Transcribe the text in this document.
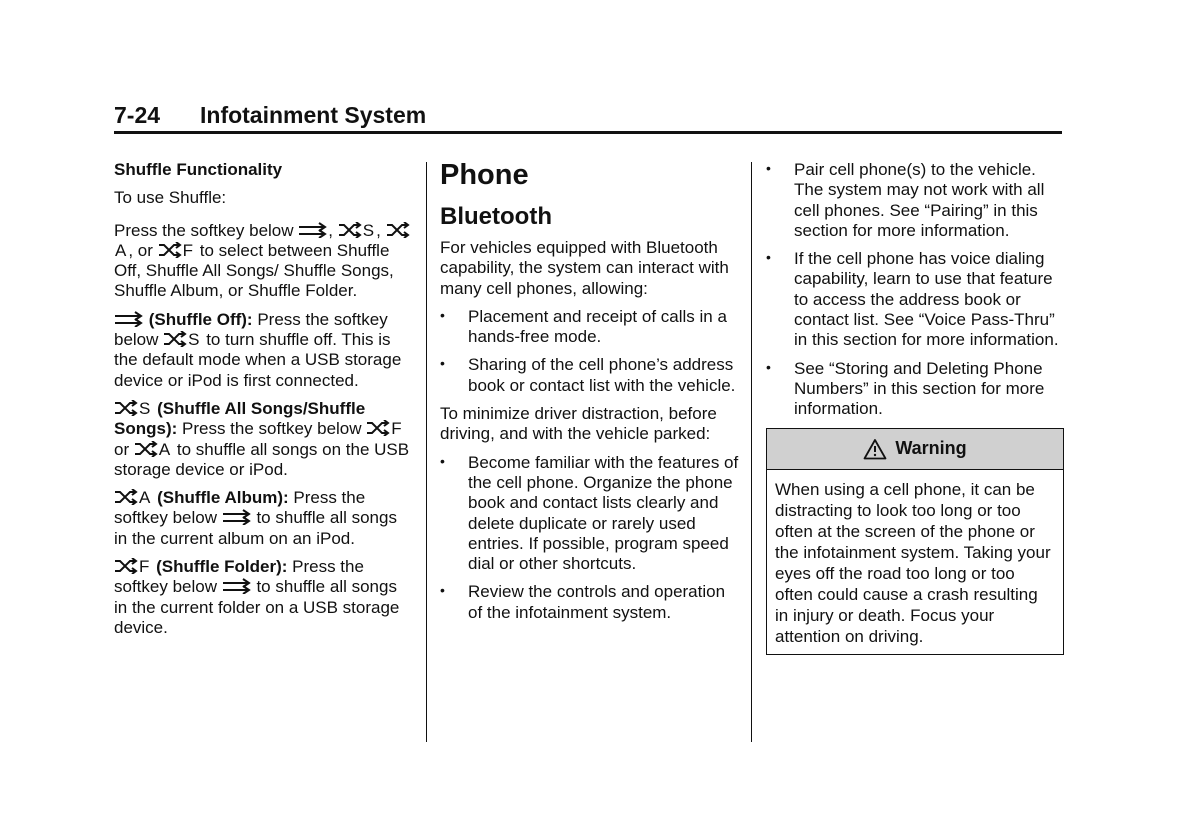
7-24 Infotainment System
Shuffle Functionality

To use Shuffle:

Press the softkey below , S , A , or F to select between Shuffle Off, Shuffle All Songs/ Shuffle Songs, Shuffle Album, or Shuffle Folder.

(Shuffle Off): Press the softkey below S to turn shuffle off. This is the default mode when a USB storage device or iPod is first connected.

S (Shuffle All Songs/Shuffle Songs): Press the softkey below F or A to shuffle all songs on the USB storage device or iPod.

A (Shuffle Album): Press the softkey below  to shuffle all songs in the current album on an iPod.

F (Shuffle Folder): Press the softkey below  to shuffle all songs in the current folder on a USB storage device.

Phone
Bluetooth

For vehicles equipped with Bluetooth capability, the system can interact with many cell phones, allowing:

• Placement and receipt of calls in a hands-free mode.
• Sharing of the cell phone’s address book or contact list with the vehicle.

To minimize driver distraction, before driving, and with the vehicle parked:

• Become familiar with the features of the cell phone. Organize the phone book and contact lists clearly and delete duplicate or rarely used entries. If possible, program speed dial or other shortcuts.
• Review the controls and operation of the infotainment system.
• Pair cell phone(s) to the vehicle. The system may not work with all cell phones. See “Pairing” in this section for more information.
• If the cell phone has voice dialing capability, learn to use that feature to access the address book or contact list. See “Voice Pass-Thru” in this section for more information.
• See “Storing and Deleting Phone Numbers” in this section for more information.
Warning
When using a cell phone, it can be distracting to look too long or too often at the screen of the phone or the infotainment system. Taking your eyes off the road too long or too often could cause a crash resulting in injury or death. Focus your attention on driving.
